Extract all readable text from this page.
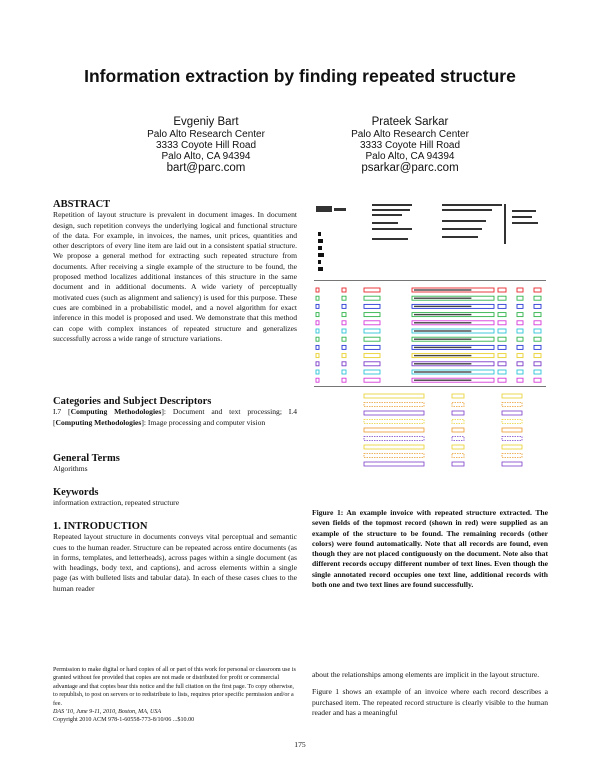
Information extraction by finding repeated structure
Evgeniy Bart
Palo Alto Research Center
3333 Coyote Hill Road
Palo Alto, CA 94394
bart@parc.com
Prateek Sarkar
Palo Alto Research Center
3333 Coyote Hill Road
Palo Alto, CA 94394
psarkar@parc.com

ABSTRACT

Repetition of layout structure is prevalent in document images. In document design, such repetition conveys the underlying logical and functional structure of the data. For example, in invoices, the names, unit prices, quantities and other descriptors of every line item are laid out in a consistent spatial structure. We propose a general method for extracting such repeated structure from documents. After receiving a single example of the structure to be found, the proposed method localizes additional instances of this structure in the same document and in additional documents. A wide variety of perceptually motivated cues (such as alignment and saliency) is used for this purpose. These cues are combined in a probabilistic model, and a novel algorithm for exact inference in this model is proposed and used. We demonstrate that this method can cope with complex instances of repeated structure and generalizes successfully across a wide range of structure variations.

Categories and Subject Descriptors

I.7 [Computing Methodologies]: Document and text processing; I.4 [Computing Methodologies]: Image processing and computer vision

General Terms

Algorithms

Keywords

information extraction, repeated structure

1. INTRODUCTION

Repeated layout structure in documents conveys vital perceptual and semantic cues to the human reader. Structure can be repeated across entire documents (as in forms, templates, and letterheads), across pages within a single document (as with headings, body text, and captions), and across elements within a single page (as with bulleted lists and tabular data). In each of these cases clues to the human reader

Permission to make digital or hard copies of all or part of this work for personal or classroom use is granted without fee provided that copies are not made or distributed for profit or commercial advantage and that copies bear this notice and the full citation on the first page. To copy otherwise, to republish, to post on servers or to redistribute to lists, requires prior specific permission and/or a fee.

DAS '10, June 9-11, 2010, Boston, MA, USA

Copyright 2010 ACM 978-1-60558-773-8/10/06 ...$10.00

Figure 1: An example invoice with repeated structure extracted. The seven fields of the topmost record (shown in red) were supplied as an example of the structure to be found. The remaining records (other colors) were found automatically. Note that all records are found, even though they are not placed contiguously on the document. Note also that different records occupy different number of text lines. Even though the single annotated record occupies one text line, additional records with both one and two text lines are found successfully.

about the relationships among elements are implicit in the layout structure.

Figure 1 shows an example of an invoice where each record describes a purchased item. The repeated record structure is clearly visible to the human reader and has a meaningful

175
